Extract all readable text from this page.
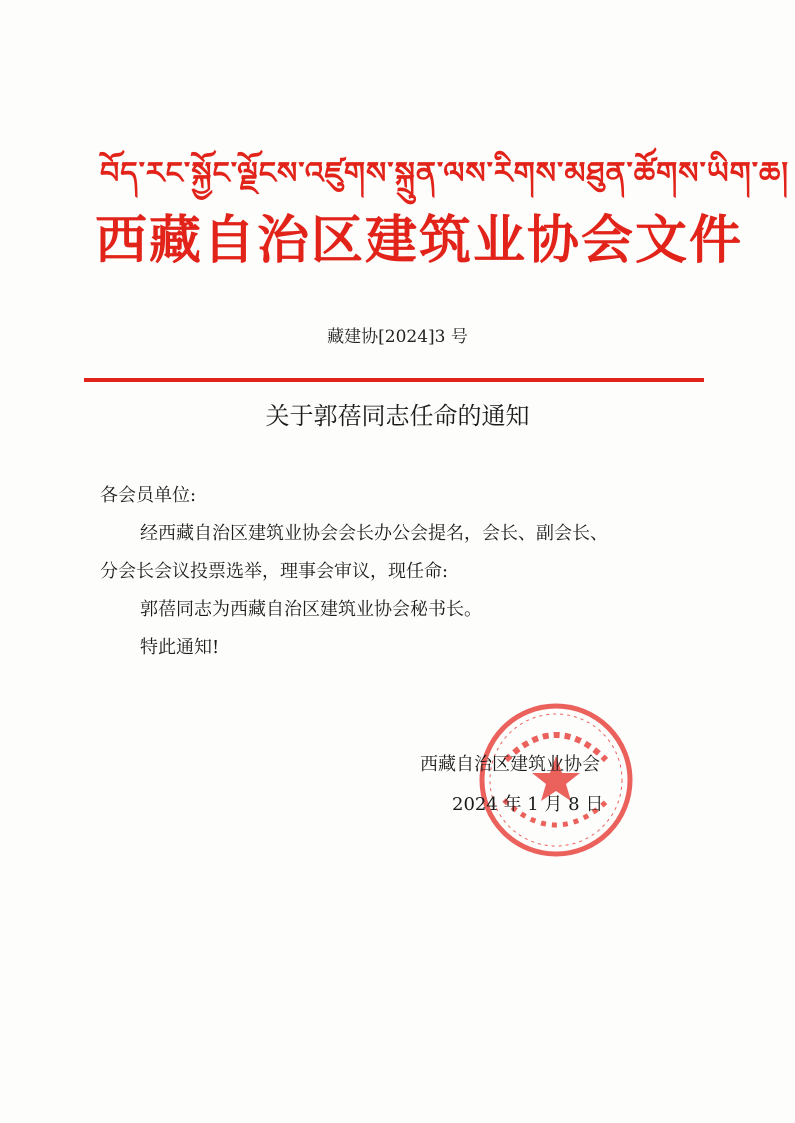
བོད་རང་སྐྱོང་ལྗོངས་འཛུགས་སྐྲུན་ལས་རིགས་མཐུན་ཚོགས་ཡིག་ཆ།
西藏自治区建筑业协会文件
藏建协[2024]3 号
关于郭蓓同志任命的通知
各会员单位:
经西藏自治区建筑业协会会长办公会提名，会长、副会长、
分会长会议投票选举，理事会审议，现任命:
郭蓓同志为西藏自治区建筑业协会秘书长。
特此通知!
西藏自治区建筑业协会
2024 年 1 月 8 日
